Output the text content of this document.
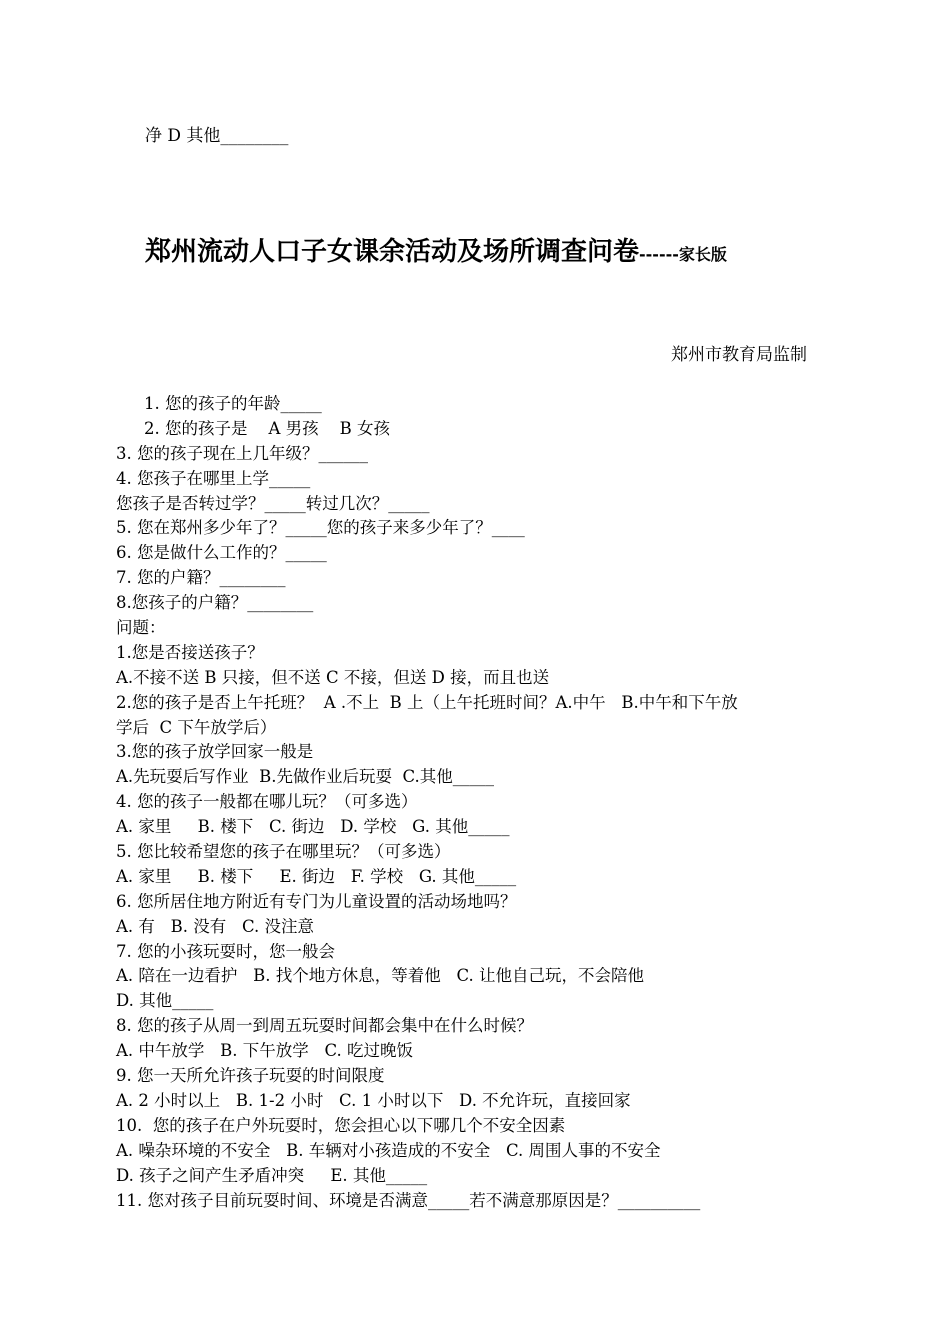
净 D 其他________
郑州流动人口子女课余活动及场所调查问卷------家长版
郑州市教育局监制
1. 您的孩子的年龄_____
2. 您的孩子是    A 男孩    B 女孩
3. 您的孩子现在上几年级？______
4. 您孩子在哪里上学_____
您孩子是否转过学？_____转过几次？_____
5. 您在郑州多少年了？_____您的孩子来多少年了？____
6. 您是做什么工作的？_____
7. 您的户籍？________
8.您孩子的户籍？________
问题：
1.您是否接送孩子？
A.不接不送 B 只接，但不送 C 不接，但送 D 接，而且也送
2.您的孩子是否上午托班？  A .不上  B 上（上午托班时间？A.中午   B.中午和下午放
学后  C 下午放学后）
3.您的孩子放学回家一般是
A.先玩耍后写作业  B.先做作业后玩耍  C.其他_____
4. 您的孩子一般都在哪儿玩？（可多选）
A. 家里     B. 楼下   C. 街边   D. 学校   G. 其他_____
5. 您比较希望您的孩子在哪里玩？（可多选）
A. 家里     B. 楼下     E. 街边   F. 学校   G. 其他_____
6. 您所居住地方附近有专门为儿童设置的活动场地吗？
A. 有   B. 没有   C. 没注意
7. 您的小孩玩耍时，您一般会
A. 陪在一边看护   B. 找个地方休息，等着他   C. 让他自己玩，不会陪他
D. 其他_____
8. 您的孩子从周一到周五玩耍时间都会集中在什么时候？
A. 中午放学   B. 下午放学   C. 吃过晚饭
9. 您一天所允许孩子玩耍的时间限度
A. 2 小时以上   B. 1-2 小时   C. 1 小时以下   D. 不允许玩，直接回家
10.  您的孩子在户外玩耍时，您会担心以下哪几个不安全因素
A. 噪杂环境的不安全   B. 车辆对小孩造成的不安全   C. 周围人事的不安全
D. 孩子之间产生矛盾冲突     E. 其他_____
11. 您对孩子目前玩耍时间、环境是否满意_____若不满意那原因是？__________
